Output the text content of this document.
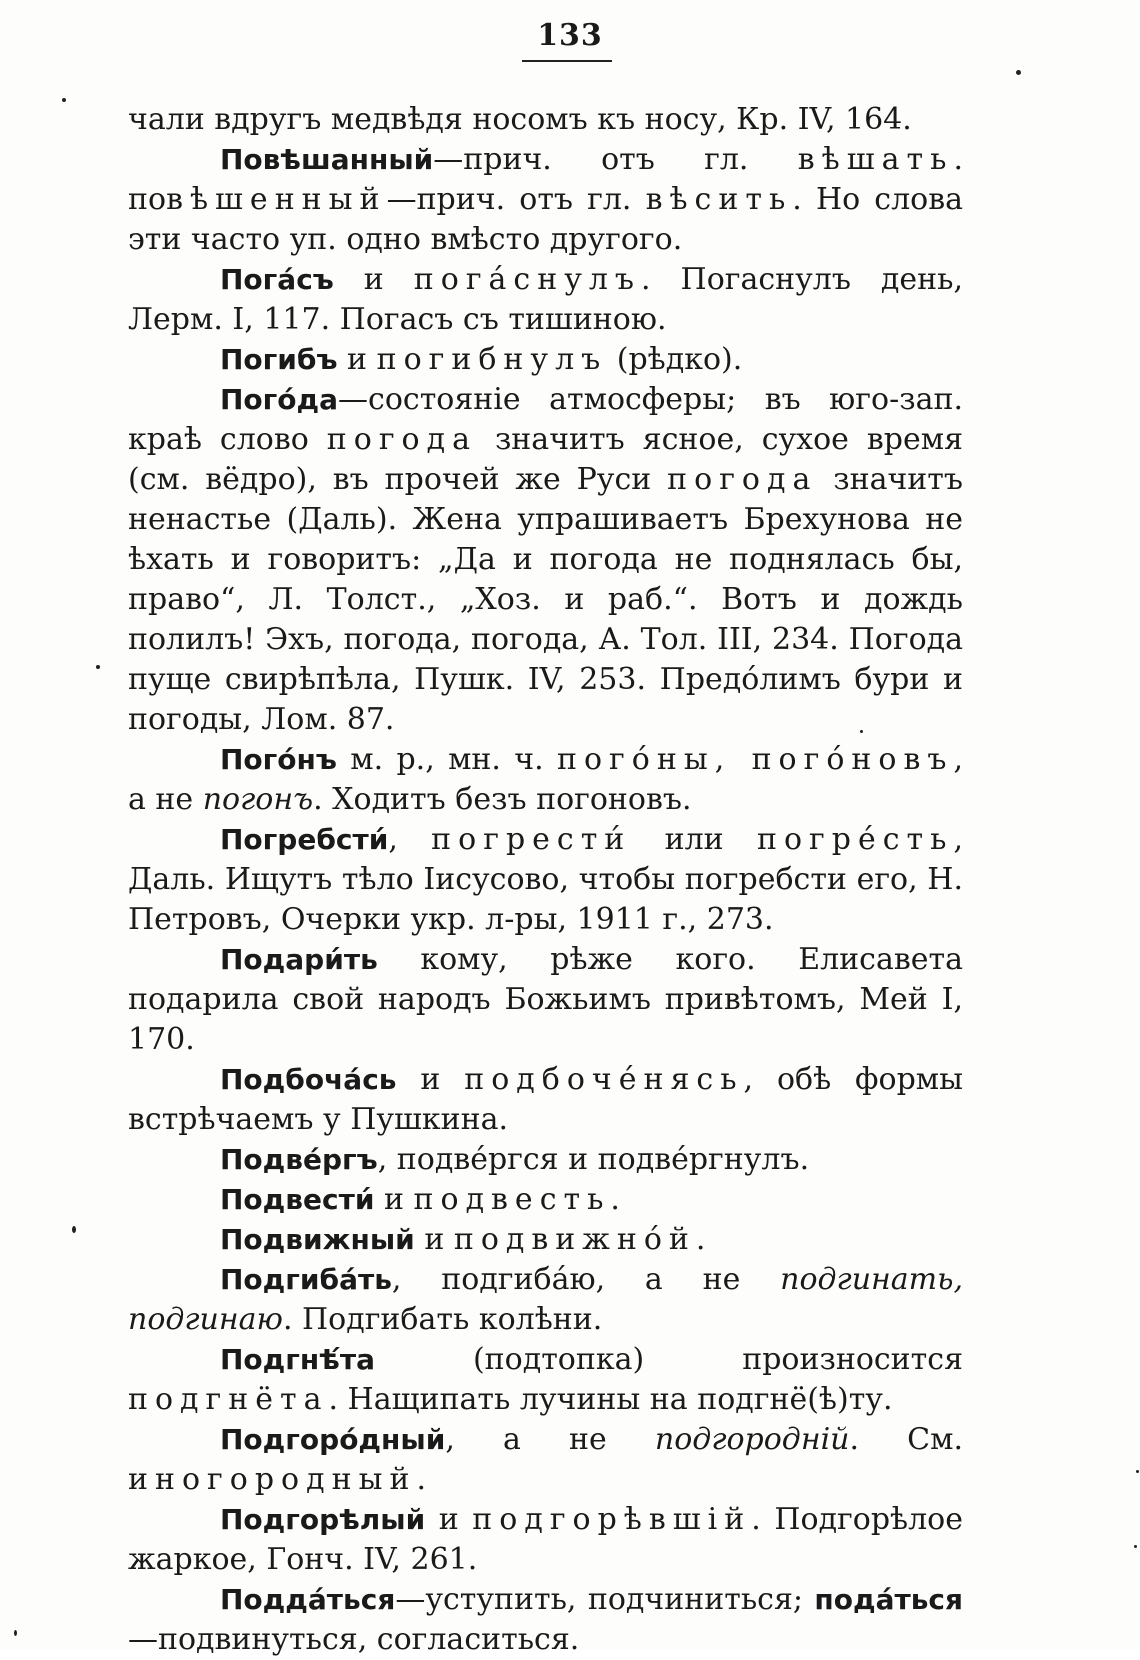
133

чали вдругъ медвѣдя носомъ къ носу, Кр. IV, 164.

Повѣшанный—прич. отъ гл. вѣшать. повѣшенный—прич. отъ гл. вѣсить. Но слова эти часто уп. одно вмѣсто другого.

Погáсъ и погáснулъ. Погаснулъ день, Лерм. I, 117. Погасъ съ тишиною.

Погибъ и погибнулъ (рѣдко).

Погóда—состояніе атмосферы; въ юго-зап. краѣ слово погода значитъ ясное, сухое время (см. вёдро), въ прочей же Руси погода значитъ ненастье (Даль). Жена упрашиваетъ Брехунова не ѣхать и говоритъ: „Да и погода не поднялась бы, право“, Л. Толст., „Хоз. и раб.“. Вотъ и дождь полилъ! Эхъ, погода, погода, А. Тол. III, 234. Погода пуще свирѣпѣла, Пушк. IV, 253. Предóлимъ бури и погоды, Лом. 87.

Погóнъ м. р., мн. ч. погóны, погóновъ, а не погонъ. Ходитъ безъ погоновъ.

Погребсти́, погрести́ или погрéсть, Даль. Ищутъ тѣло Іисусово, чтобы погребсти его, Н. Петровъ, Очерки укр. л-ры, 1911 г., 273.

Подари́ть кому, рѣже кого. Елисавета подарила свой народъ Божьимъ привѣтомъ, Мей I, 170.

Подбочáсь и подбочéнясь, обѣ формы встрѣчаемъ у Пушкина.

Подвéргъ, подвéргся и подвéргнулъ.

Подвести́ и подвесть.

Подвижный и подвижнóй.

Подгибáть, подгибáю, а не подгинать, подгинаю. Подгибать колѣни.

Подгнѣ́та (подтопка) произносится подгнёта. Нащипать лучины на подгнё(ѣ)ту.

Подгорóдный, а не подгородній. См. иногородный.

Подгорѣлый и подгорѣвшій. Подгорѣлое жаркое, Гонч. IV, 261.

Поддáться—уступить, подчиниться; подáться—подвинуться, согласиться.
